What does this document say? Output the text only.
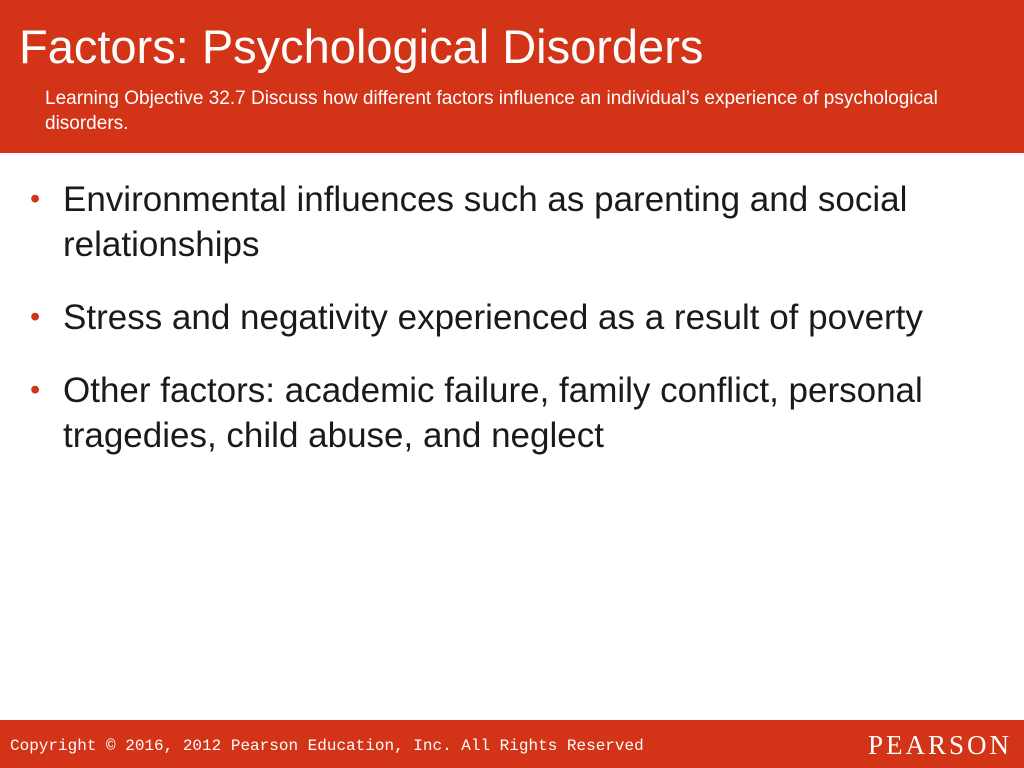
Factors: Psychological Disorders
Learning Objective 32.7 Discuss how different factors influence an individual’s experience of psychological disorders.
• Environmental influences such as parenting and social relationships
• Stress and negativity experienced as a result of poverty
• Other factors: academic failure, family conflict, personal tragedies, child abuse, and neglect
Copyright © 2016, 2012 Pearson Education, Inc. All Rights Reserved	PEARSON
